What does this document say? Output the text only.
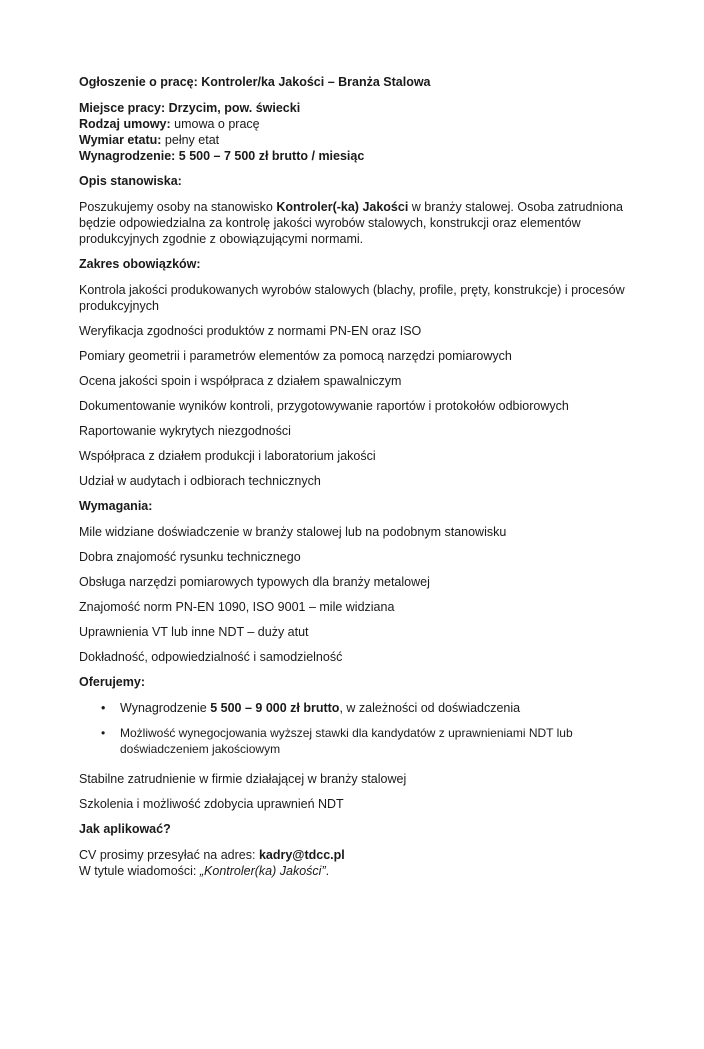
Ogłoszenie o pracę: Kontroler/ka Jakości – Branża Stalowa

Miejsce pracy: Drzycim, pow. świecki

Rodzaj umowy: umowa o pracę

Wymiar etatu: pełny etat

Wynagrodzenie: 5 500 – 7 500 zł brutto / miesiąc

Opis stanowiska:

Poszukujemy osoby na stanowisko Kontroler(-ka) Jakości w branży stalowej. Osoba zatrudniona będzie odpowiedzialna za kontrolę jakości wyrobów stalowych, konstrukcji oraz elementów produkcyjnych zgodnie z obowiązującymi normami.

Zakres obowiązków:

Kontrola jakości produkowanych wyrobów stalowych (blachy, profile, pręty, konstrukcje) i procesów produkcyjnych

Weryfikacja zgodności produktów z normami PN-EN oraz ISO

Pomiary geometrii i parametrów elementów za pomocą narzędzi pomiarowych

Ocena jakości spoin i współpraca z działem spawalniczym

Dokumentowanie wyników kontroli, przygotowywanie raportów i protokołów odbiorowych

Raportowanie wykrytych niezgodności

Współpraca z działem produkcji i laboratorium jakości

Udział w audytach i odbiorach technicznych

Wymagania:

Mile widziane doświadczenie w branży stalowej lub na podobnym stanowisku

Dobra znajomość rysunku technicznego

Obsługa narzędzi pomiarowych typowych dla branży metalowej

Znajomość norm PN-EN 1090, ISO 9001 – mile widziana

Uprawnienia VT lub inne NDT – duży atut

Dokładność, odpowiedzialność i samodzielność

Oferujemy:

• Wynagrodzenie 5 500 – 9 000 zł brutto, w zależności od doświadczenia
• Możliwość wynegocjowania wyższej stawki dla kandydatów z uprawnieniami NDT lub doświadczeniem jakościowym

Stabilne zatrudnienie w firmie działającej w branży stalowej

Szkolenia i możliwość zdobycia uprawnień NDT

Jak aplikować?

CV prosimy przesyłać na adres: kadry@tdcc.pl

W tytule wiadomości: „Kontroler(ka) Jakości”.
